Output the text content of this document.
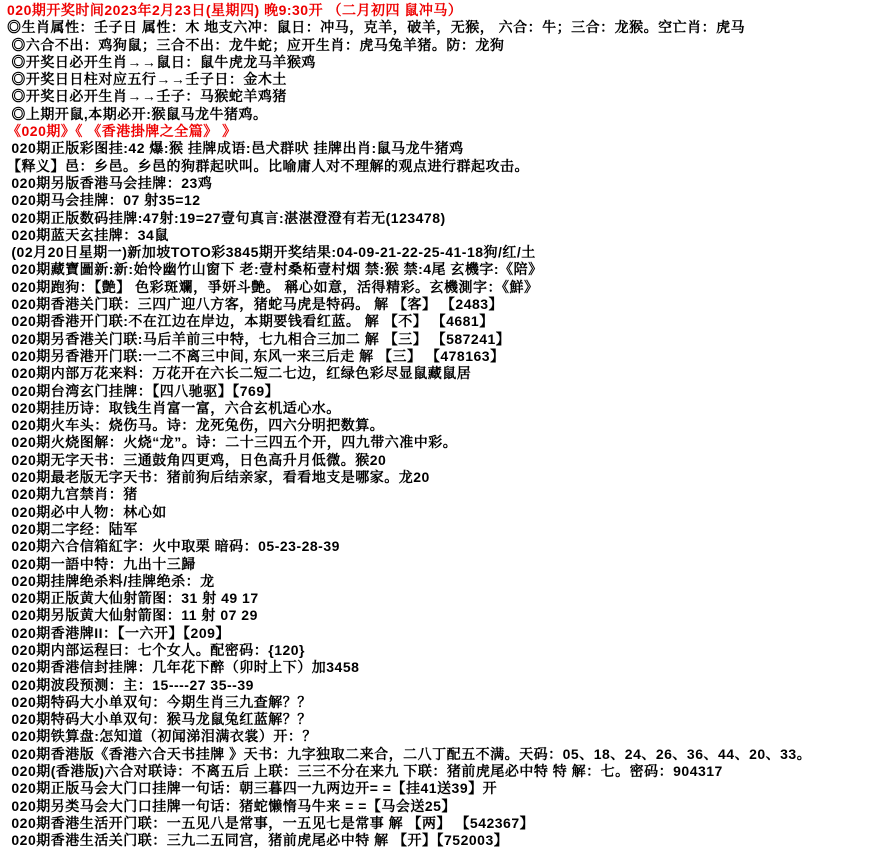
020期开奖时间2023年2月23日(星期四) 晚9:30开 （二月初四 鼠冲马）
◎生肖属性：壬子日 属性：木 地支六冲：鼠日：冲马，克羊，破羊，无猴， 六合：牛；三合：龙猴。空亡肖：虎马
◎六合不出：鸡狗鼠；三合不出：龙牛蛇；应开生肖：虎马兔羊猪。防：龙狗
◎开奖日必开生肖→→鼠日：鼠牛虎龙马羊猴鸡
◎开奖日日柱对应五行→→壬子日：金木土
◎开奖日必开生肖→→壬子：马猴蛇羊鸡猪
◎上期开鼠,本期必开:猴鼠马龙牛猪鸡。
《020期》《 《香港掛牌之全篇》 》
020期正版彩图挂:42 爆:猴 挂牌成语:邑犬群吠 挂牌出肖:鼠马龙牛猪鸡
【释义】邑：乡邑。乡邑的狗群起吠叫。比喻庸人对不理解的观点进行群起攻击。
020期另版香港马会挂牌：23鸡
020期马会挂牌：07 射35=12
020期正版数码挂牌:47射:19=27壹句真言:湛湛澄澄有若无(123478)
020期蓝天玄挂牌：34鼠
(02月20日星期一)新加坡TOTO彩3845期开奖结果:04-09-21-22-25-41-18狗/红/土
020期藏寶圖新:新:始怜幽竹山窗下 老:壹村桑柘壹村烟 禁:猴 禁:4尾 玄機字:《陪》
020期跑狗：【艶】 色彩斑斕，爭妍斗艶。 稱心如意，活得精彩。玄機測字：《鮮》
020期香港关门联：三四广迎八方客，猪蛇马虎是特码。 解 【客】 【2483】
020期香港开门联:不在江边在岸边，本期要钱看红蓝。 解 【不】 【4681】
020期另香港关门联:马后羊前三中特，七九相合三加二 解 【三】 【587241】
020期另香港开门联:一二不离三中间, 东风一来三后走 解 【三】 【478163】
020期内部万花来料：万花开在六长二短二七边，红绿色彩尽显鼠藏鼠居
020期台湾玄门挂牌：【四八驰驱】【769】
020期挂历诗：取钱生肖富一富，六合玄机适心水。
020期火车头：烧伤马。诗：龙死兔伤，四六分明把数算。
020期火烧图解：火烧“龙”。诗：二十三四五个开，四九带六准中彩。
020期无字天书：三通鼓角四更鸡，日色高升月低微。猴20
020期最老版无字天书：猪前狗后结亲家，看看地支是哪家。龙20
020期九宫禁肖：猪
020期必中人物：林心如
020期二字经：陆军
020期六合信箱紅字：火中取栗 暗码：05-23-28-39
020期一語中特：九出十三歸
020期挂牌绝杀料/挂牌绝杀：龙
020期正版黄大仙射箭图：31 射 49 17
020期另版黄大仙射箭图：11 射 07 29
020期香港牌II：【一六开】【209】
020期内部运程曰：七个女人。配密码：{120}
020期香港信封挂牌：几年花下醉（卯时上下）加3458
020期波段预测：主：15----27 35--39
020期特码大小单双句：今期生肖三九查解？？
020期特码大小单双句：猴马龙鼠兔红蓝解？？
020期铁算盘:怎知道（初闻涕泪满衣裳）开：？
020期香港版《香港六合天书挂牌 》天书：九字独取二来合，二八丁配五不满。天码：05、18、24、26、36、44、20、33。
020期(香港版)六合对联诗：不离五后 上联：三三不分在来九 下联：猪前虎尾必中特 特 解：七。密码：904317
020期正版马会大门口挂牌一句话：朝三暮四一九两边开= =【挂41送39】开
020期另类马会大门口挂牌一句话：猪蛇懒惰马牛来 = =【马会送25】
020期香港生活开门联：一五见八是常事，一五见七是常事 解 【两】 【542367】
020期香港生活关门联：三九二五同宫，猪前虎尾必中特 解 【开】【752003】
